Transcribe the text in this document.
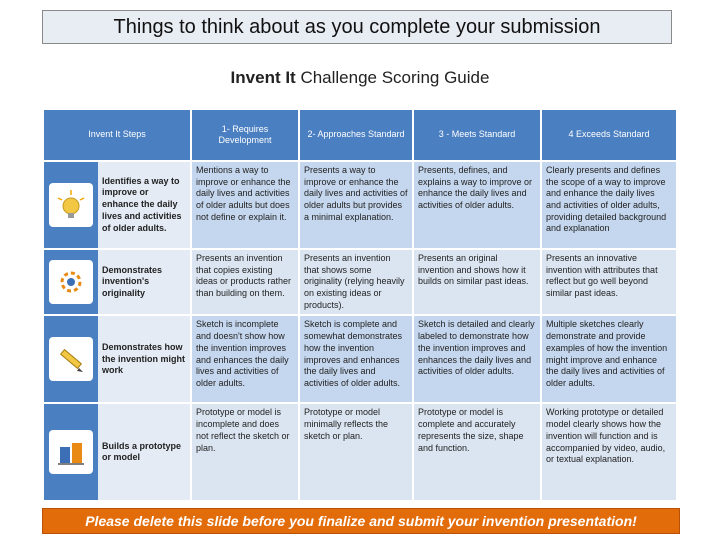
Things to think about as you complete your submission
Invent It Challenge Scoring Guide
Invent It Steps	1- Requires Development	2- Approaches Standard	3 - Meets Standard	4 Exceeds Standard

Identifies a way to improve or enhance the daily lives and activities of older adults.	Mentions a way to improve or enhance the daily lives and activities of older adults but does not define or explain it.	Presents a way to improve or enhance the daily lives and activities of older adults but provides a minimal explanation.	Presents, defines, and explains a way to improve or enhance the daily lives and activities of older adults.	Clearly presents and defines the scope of a way to improve and enhance the daily lives and activities of older adults, providing detailed background and explanation

Demonstrates invention's originality	Presents an invention that copies existing ideas or products rather than building on them.	Presents an invention that shows some originality (relying heavily on existing ideas or products).	Presents an original invention and shows how it builds on similar past ideas.	Presents an innovative invention with attributes that reflect but go well beyond similar past ideas.

Demonstrates how the invention might work	Sketch is incomplete and doesn't show how the invention improves and enhances the daily lives and activities of older adults.	Sketch is complete and somewhat demonstrates how the invention improves and enhances the daily lives and activities of older adults.	Sketch is detailed and clearly labeled to demonstrate how the invention improves and enhances the daily lives and activities of older adults.	Multiple sketches clearly demonstrate and provide examples of how the invention might improve and enhance the daily lives and activities of older adults.

Builds a prototype or model	Prototype or model is incomplete and does not reflect the sketch or plan.	Prototype or model minimally reflects the sketch or plan.	Prototype or model is complete and accurately represents the size, shape and function.	Working prototype or detailed model clearly shows how the invention will function and is accompanied by video, audio, or textual explanation.
Please delete this slide before you finalize and submit your invention presentation!
